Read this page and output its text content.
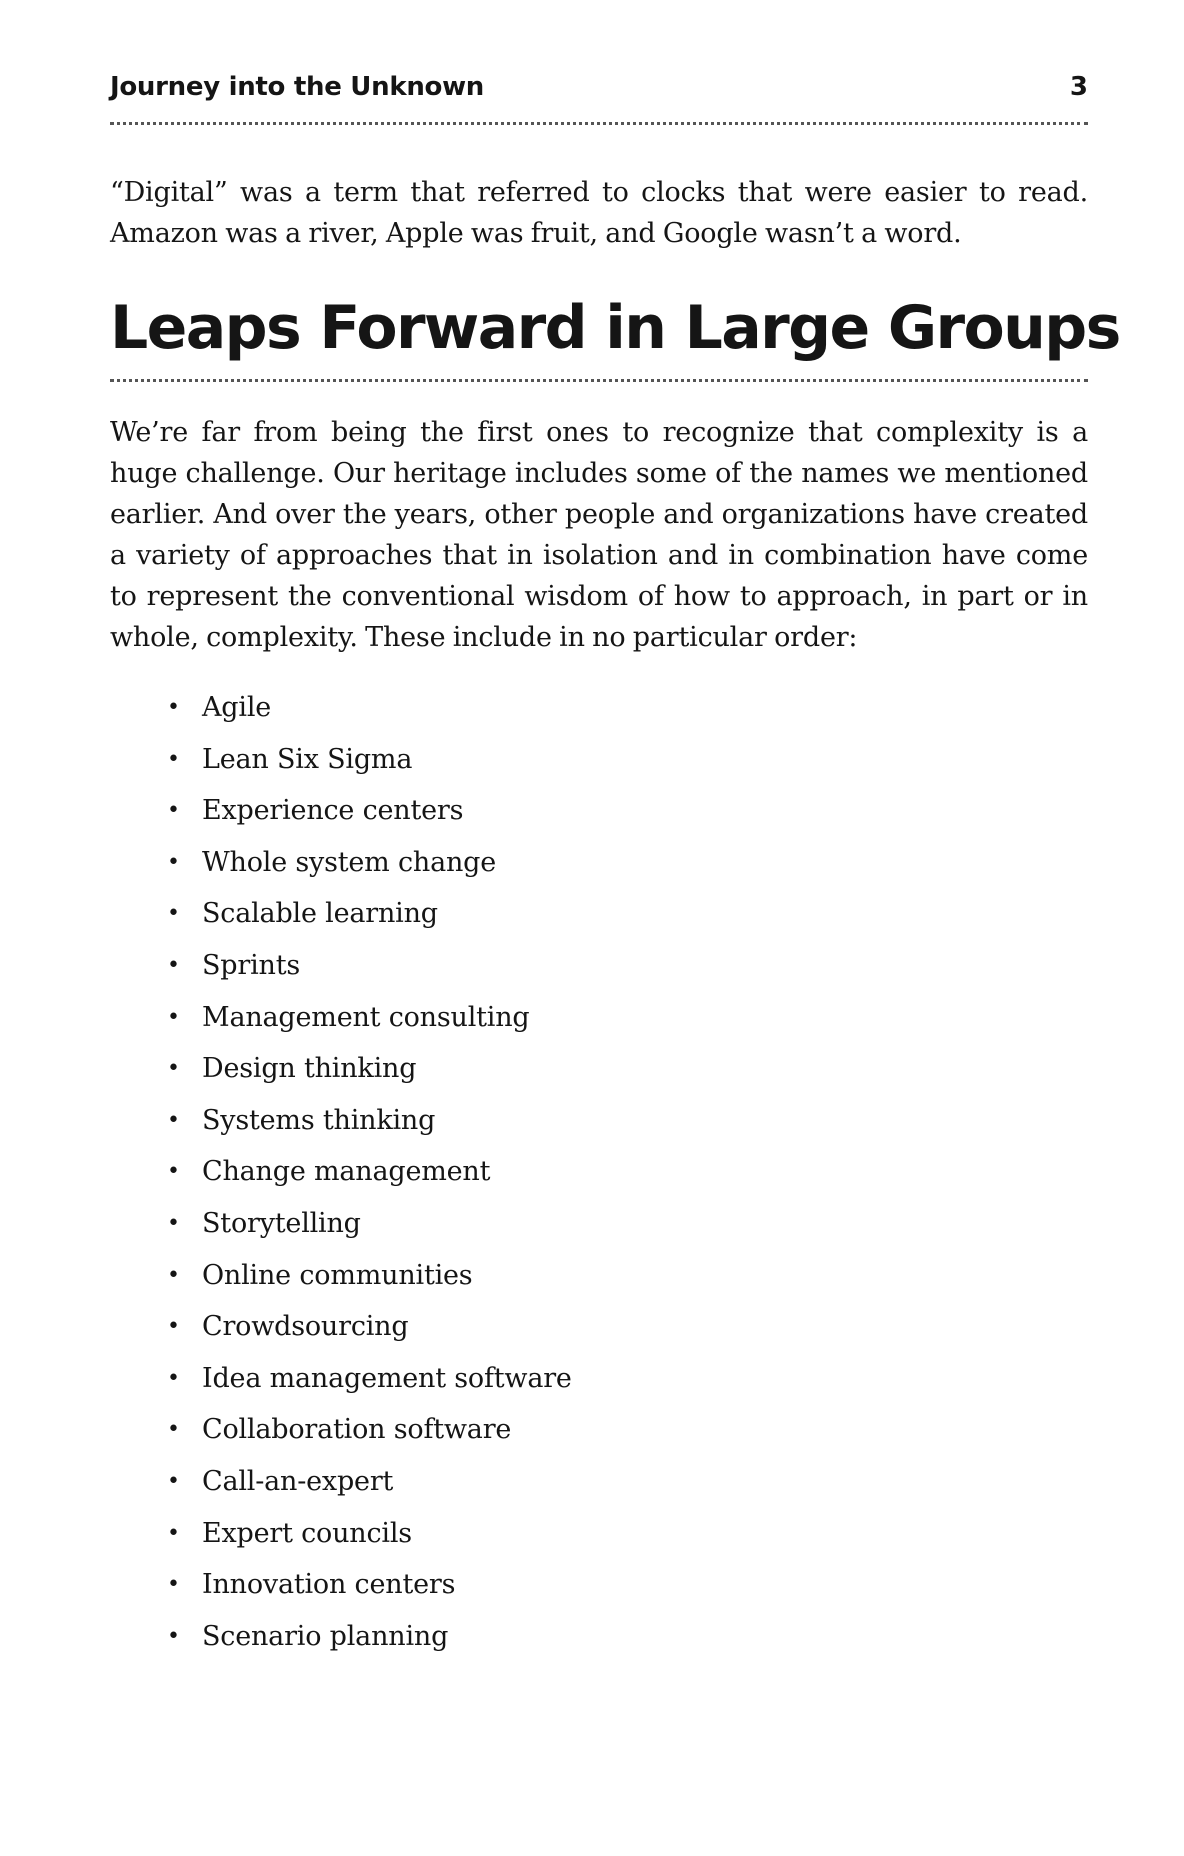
Journey into the Unknown	3

“Digital” was a term that referred to clocks that were easier to read. Amazon was a river, Apple was fruit, and Google wasn’t a word.

Leaps Forward in Large Groups

We’re far from being the first ones to recognize that complexity is a huge challenge. Our heritage includes some of the names we mentioned earlier. And over the years, other people and organizations have created a variety of approaches that in isolation and in combination have come to represent the conventional wisdom of how to approach, in part or in whole, complexity. These include in no particular order:

• Agile
• Lean Six Sigma
• Experience centers
• Whole system change
• Scalable learning
• Sprints
• Management consulting
• Design thinking
• Systems thinking
• Change management
• Storytelling
• Online communities
• Crowdsourcing
• Idea management software
• Collaboration software
• Call-an-expert
• Expert councils
• Innovation centers
• Scenario planning
